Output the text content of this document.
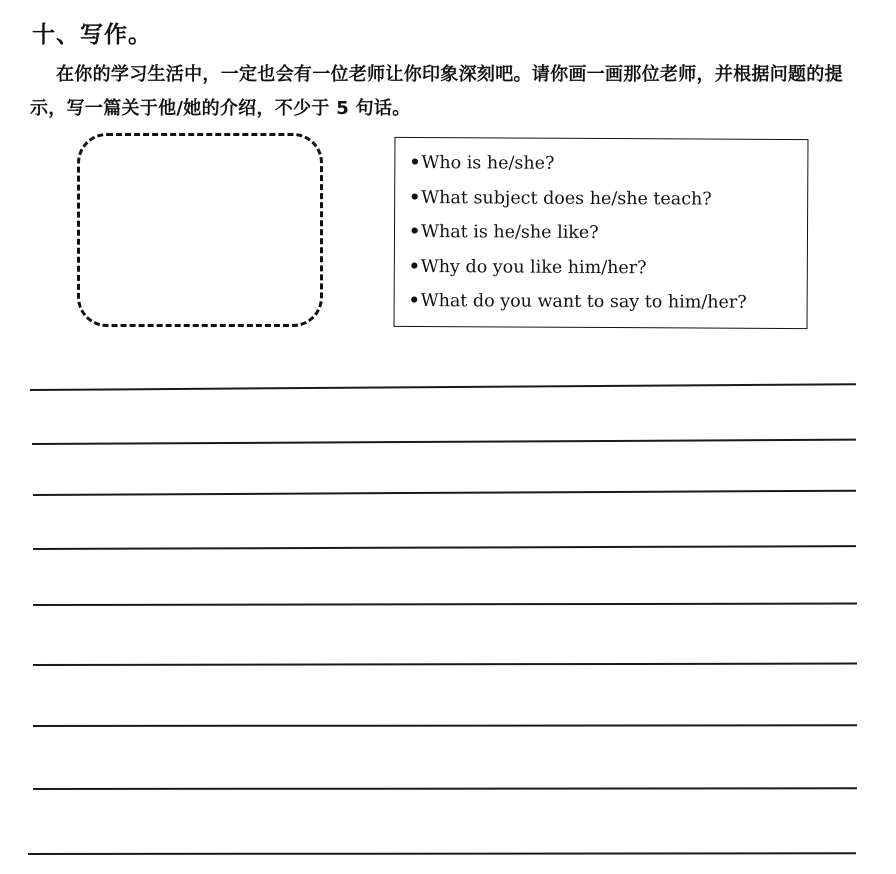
十、写作。
在你的学习生活中，一定也会有一位老师让你印象深刻吧。请你画一画那位老师，并根据问题的提示，写一篇关于他/她的介绍，不少于 5 句话。
•Who is he/she?
•What subject does he/she teach?
•What is he/she like?
•Why do you like him/her?
•What do you want to say to him/her?
